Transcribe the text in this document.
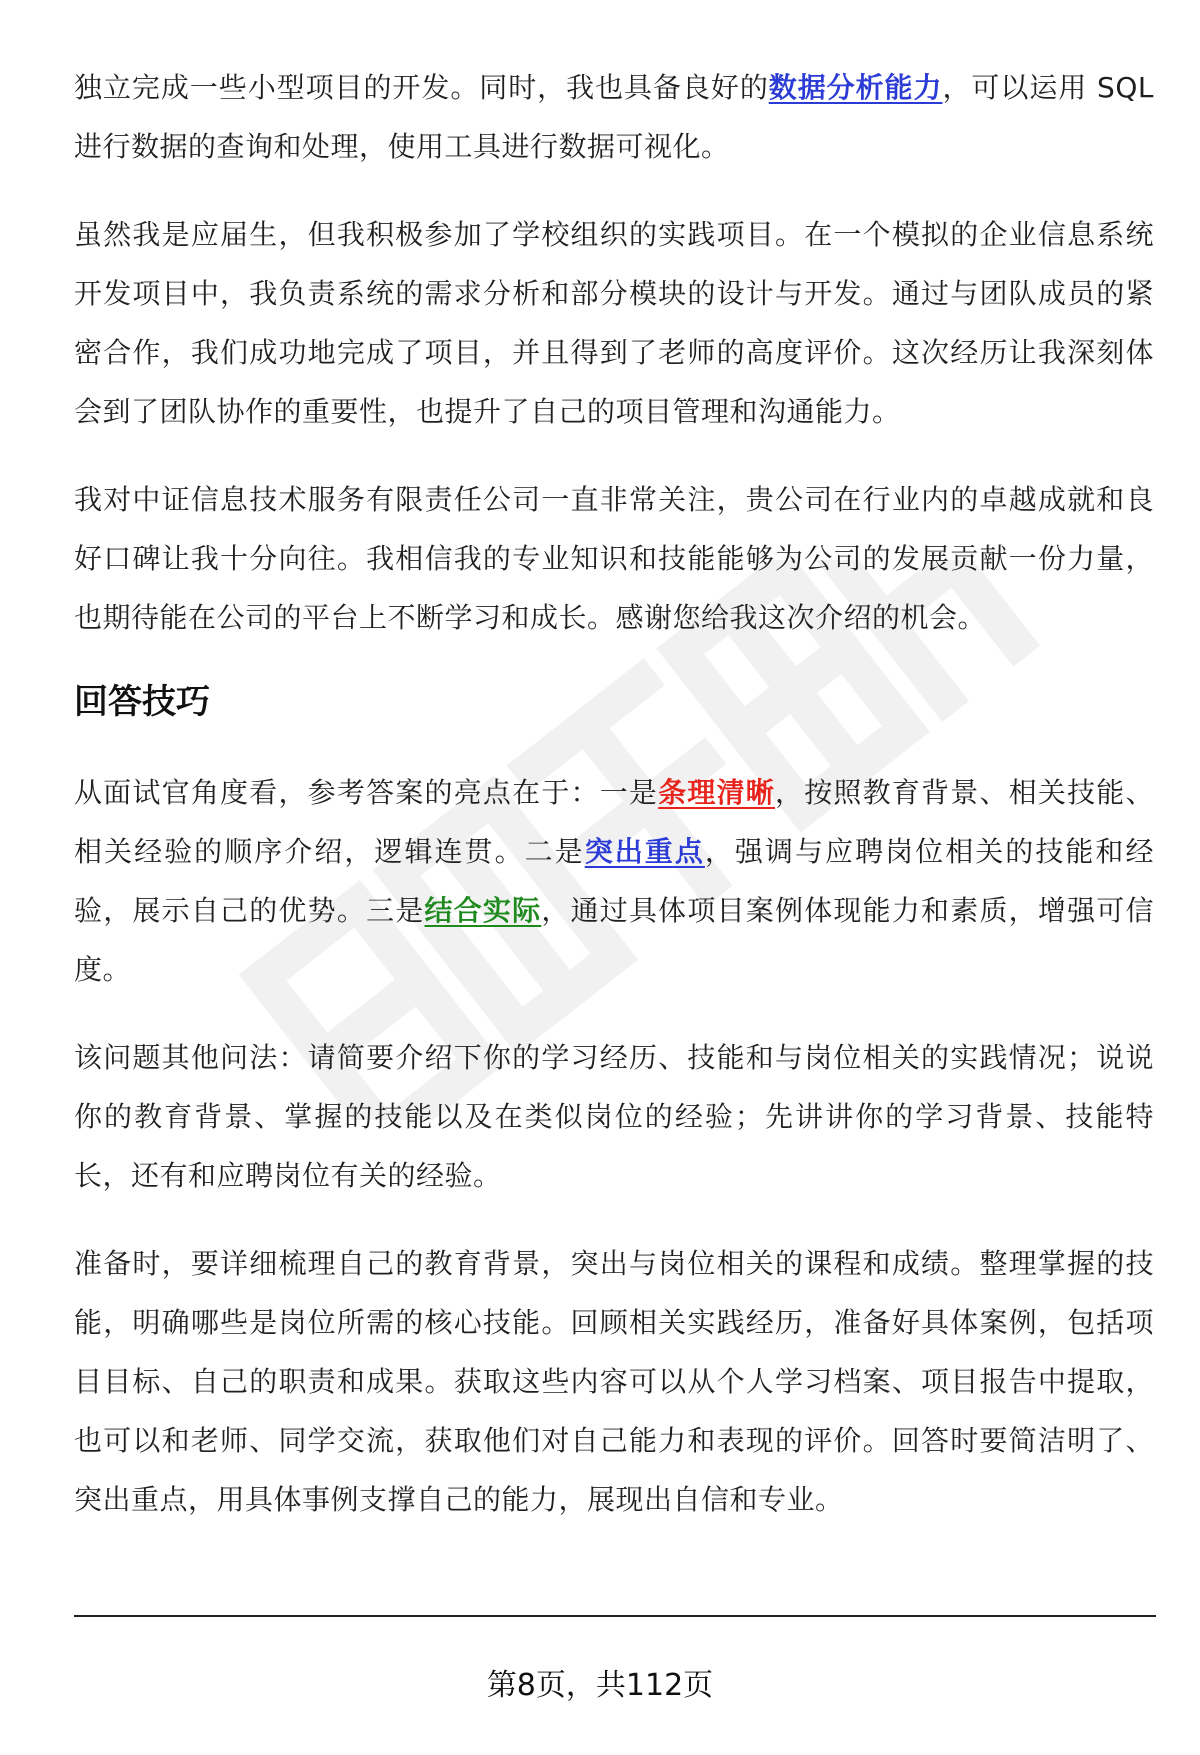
独立完成一些小型项目的开发。同时，我也具备良好的数据分析能力，可以运用 SQL 进行数据的查询和处理，使用工具进行数据可视化。

虽然我是应届生，但我积极参加了学校组织的实践项目。在一个模拟的企业信息系统开发项目中，我负责系统的需求分析和部分模块的设计与开发。通过与团队成员的紧密合作，我们成功地完成了项目，并且得到了老师的高度评价。这次经历让我深刻体会到了团队协作的重要性，也提升了自己的项目管理和沟通能力。

我对中证信息技术服务有限责任公司一直非常关注，贵公司在行业内的卓越成就和良好口碑让我十分向往。我相信我的专业知识和技能能够为公司的发展贡献一份力量，也期待能在公司的平台上不断学习和成长。感谢您给我这次介绍的机会。

回答技巧

从面试官角度看，参考答案的亮点在于：一是条理清晰，按照教育背景、相关技能、相关经验的顺序介绍，逻辑连贯。二是突出重点，强调与应聘岗位相关的技能和经验，展示自己的优势。三是结合实际，通过具体项目案例体现能力和素质，增强可信度。

该问题其他问法：请简要介绍下你的学习经历、技能和与岗位相关的实践情况；说说你的教育背景、掌握的技能以及在类似岗位的经验；先讲讲你的学习背景、技能特长，还有和应聘岗位有关的经验。

准备时，要详细梳理自己的教育背景，突出与岗位相关的课程和成绩。整理掌握的技能，明确哪些是岗位所需的核心技能。回顾相关实践经历，准备好具体案例，包括项目目标、自己的职责和成果。获取这些内容可以从个人学习档案、项目报告中提取，也可以和老师、同学交流，获取他们对自己能力和表现的评价。回答时要简洁明了、突出重点，用具体事例支撑自己的能力，展现出自信和专业。

第8页，共112页
